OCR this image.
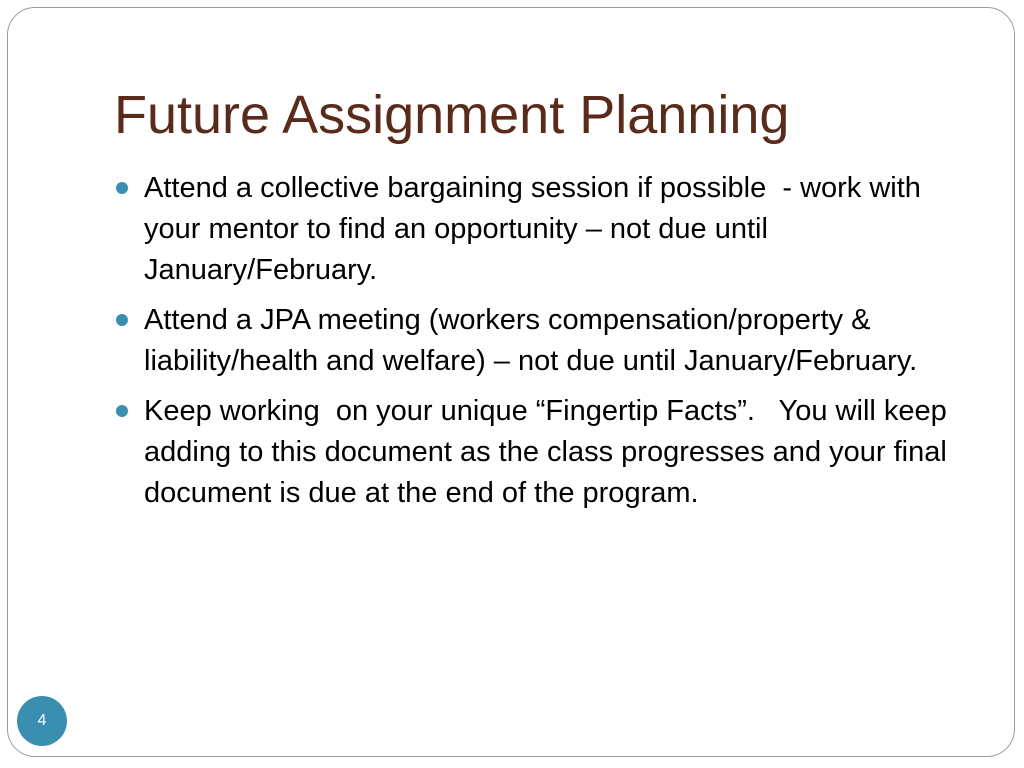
Future Assignment Planning
Attend a collective bargaining session if possible  - work with your mentor to find an opportunity – not due until January/February.
Attend a JPA meeting (workers compensation/property & liability/health and welfare) – not due until January/February.
Keep working  on your unique “Fingertip Facts”.   You will keep adding to this document as the class progresses and your final document is due at the end of the program.
4
